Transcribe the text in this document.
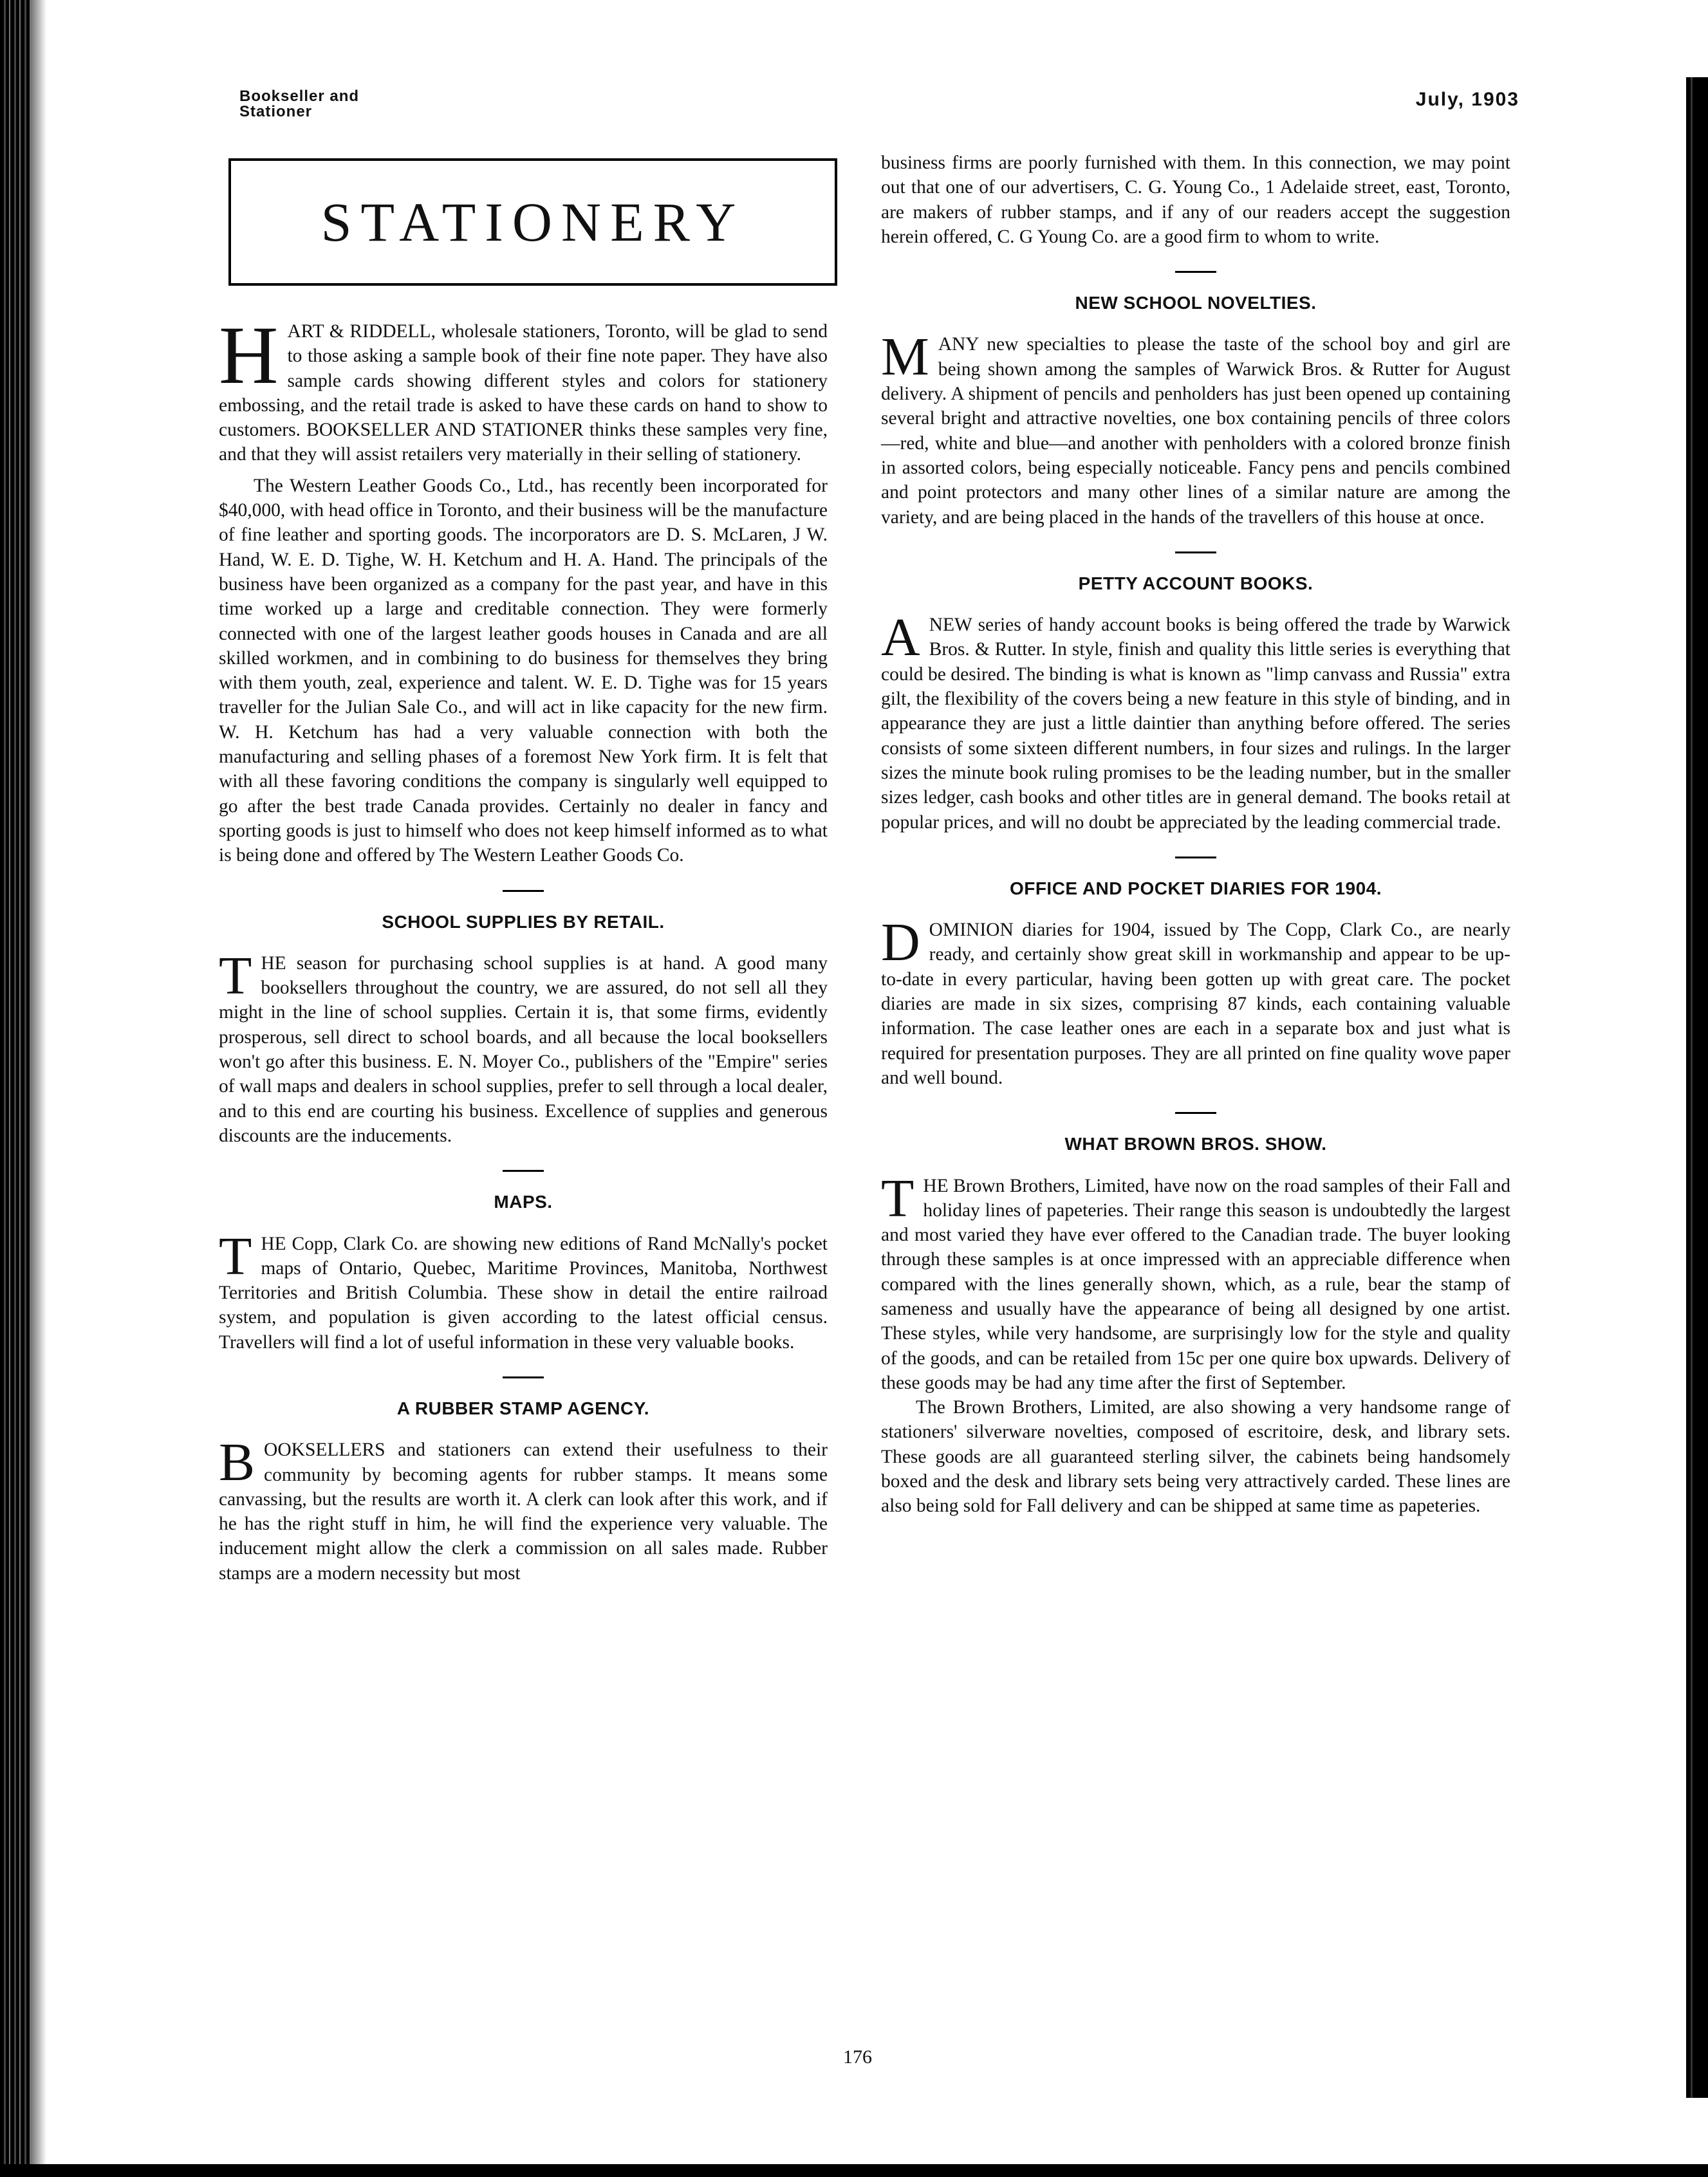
Bookseller and Stationer
July, 1903
STATIONERY

HART & RIDDELL, wholesale stationers, Toronto, will be glad to send to those asking a sample book of their fine note paper. They have also sample cards showing different styles and colors for stationery embossing, and the retail trade is asked to have these cards on hand to show to customers. BOOKSELLER AND STATIONER thinks these samples very fine, and that they will assist retailers very materially in their selling of stationery.

The Western Leather Goods Co., Ltd., has recently been incorporated for $40,000, with head office in Toronto, and their business will be the manufacture of fine leather and sporting goods. The incorporators are D. S. McLaren, J W. Hand, W. E. D. Tighe, W. H. Ketchum and H. A. Hand. The principals of the business have been organized as a company for the past year, and have in this time worked up a large and creditable connection. They were formerly connected with one of the largest leather goods houses in Canada and are all skilled workmen, and in combining to do business for themselves they bring with them youth, zeal, experience and talent. W. E. D. Tighe was for 15 years traveller for the Julian Sale Co., and will act in like capacity for the new firm. W. H. Ketchum has had a very valuable connection with both the manufacturing and selling phases of a foremost New York firm. It is felt that with all these favoring conditions the company is singularly well equipped to go after the best trade Canada provides. Certainly no dealer in fancy and sporting goods is just to himself who does not keep himself informed as to what is being done and offered by The Western Leather Goods Co.

SCHOOL SUPPLIES BY RETAIL.

THE season for purchasing school supplies is at hand. A good many booksellers throughout the country, we are assured, do not sell all they might in the line of school supplies. Certain it is, that some firms, evidently prosperous, sell direct to school boards, and all because the local booksellers won't go after this business. E. N. Moyer Co., publishers of the "Empire" series of wall maps and dealers in school supplies, prefer to sell through a local dealer, and to this end are courting his business. Excellence of supplies and generous discounts are the inducements.

MAPS.

THE Copp, Clark Co. are showing new editions of Rand McNally's pocket maps of Ontario, Quebec, Maritime Provinces, Manitoba, Northwest Territories and British Columbia. These show in detail the entire railroad system, and population is given according to the latest official census. Travellers will find a lot of useful information in these very valuable books.

A RUBBER STAMP AGENCY.

BOOKSELLERS and stationers can extend their usefulness to their community by becoming agents for rubber stamps. It means some canvassing, but the results are worth it. A clerk can look after this work, and if he has the right stuff in him, he will find the experience very valuable. The inducement might allow the clerk a commission on all sales made. Rubber stamps are a modern necessity but most

business firms are poorly furnished with them. In this connection, we may point out that one of our advertisers, C. G. Young Co., 1 Adelaide street, east, Toronto, are makers of rubber stamps, and if any of our readers accept the suggestion herein offered, C. G Young Co. are a good firm to whom to write.

NEW SCHOOL NOVELTIES.

MANY new specialties to please the taste of the school boy and girl are being shown among the samples of Warwick Bros. & Rutter for August delivery. A shipment of pencils and penholders has just been opened up containing several bright and attractive novelties, one box containing pencils of three colors—red, white and blue—and another with penholders with a colored bronze finish in assorted colors, being especially noticeable. Fancy pens and pencils combined and point protectors and many other lines of a similar nature are among the variety, and are being placed in the hands of the travellers of this house at once.

PETTY ACCOUNT BOOKS.

ANEW series of handy account books is being offered the trade by Warwick Bros. & Rutter. In style, finish and quality this little series is everything that could be desired. The binding is what is known as "limp canvass and Russia" extra gilt, the flexibility of the covers being a new feature in this style of binding, and in appearance they are just a little daintier than anything before offered. The series consists of some sixteen different numbers, in four sizes and rulings. In the larger sizes the minute book ruling promises to be the leading number, but in the smaller sizes ledger, cash books and other titles are in general demand. The books retail at popular prices, and will no doubt be appreciated by the leading commercial trade.

OFFICE AND POCKET DIARIES FOR 1904.

DOMINION diaries for 1904, issued by The Copp, Clark Co., are nearly ready, and certainly show great skill in workmanship and appear to be up-to-date in every particular, having been gotten up with great care. The pocket diaries are made in six sizes, comprising 87 kinds, each containing valuable information. The case leather ones are each in a separate box and just what is required for presentation purposes. They are all printed on fine quality wove paper and well bound.

WHAT BROWN BROS. SHOW.

THE Brown Brothers, Limited, have now on the road samples of their Fall and holiday lines of papeteries. Their range this season is undoubtedly the largest and most varied they have ever offered to the Canadian trade. The buyer looking through these samples is at once impressed with an appreciable difference when compared with the lines generally shown, which, as a rule, bear the stamp of sameness and usually have the appearance of being all designed by one artist. These styles, while very handsome, are surprisingly low for the style and quality of the goods, and can be retailed from 15c per one quire box upwards. Delivery of these goods may be had any time after the first of September.

The Brown Brothers, Limited, are also showing a very handsome range of stationers' silverware novelties, composed of escritoire, desk, and library sets. These goods are all guaranteed sterling silver, the cabinets being handsomely boxed and the desk and library sets being very attractively carded. These lines are also being sold for Fall delivery and can be shipped at same time as papeteries.

176
